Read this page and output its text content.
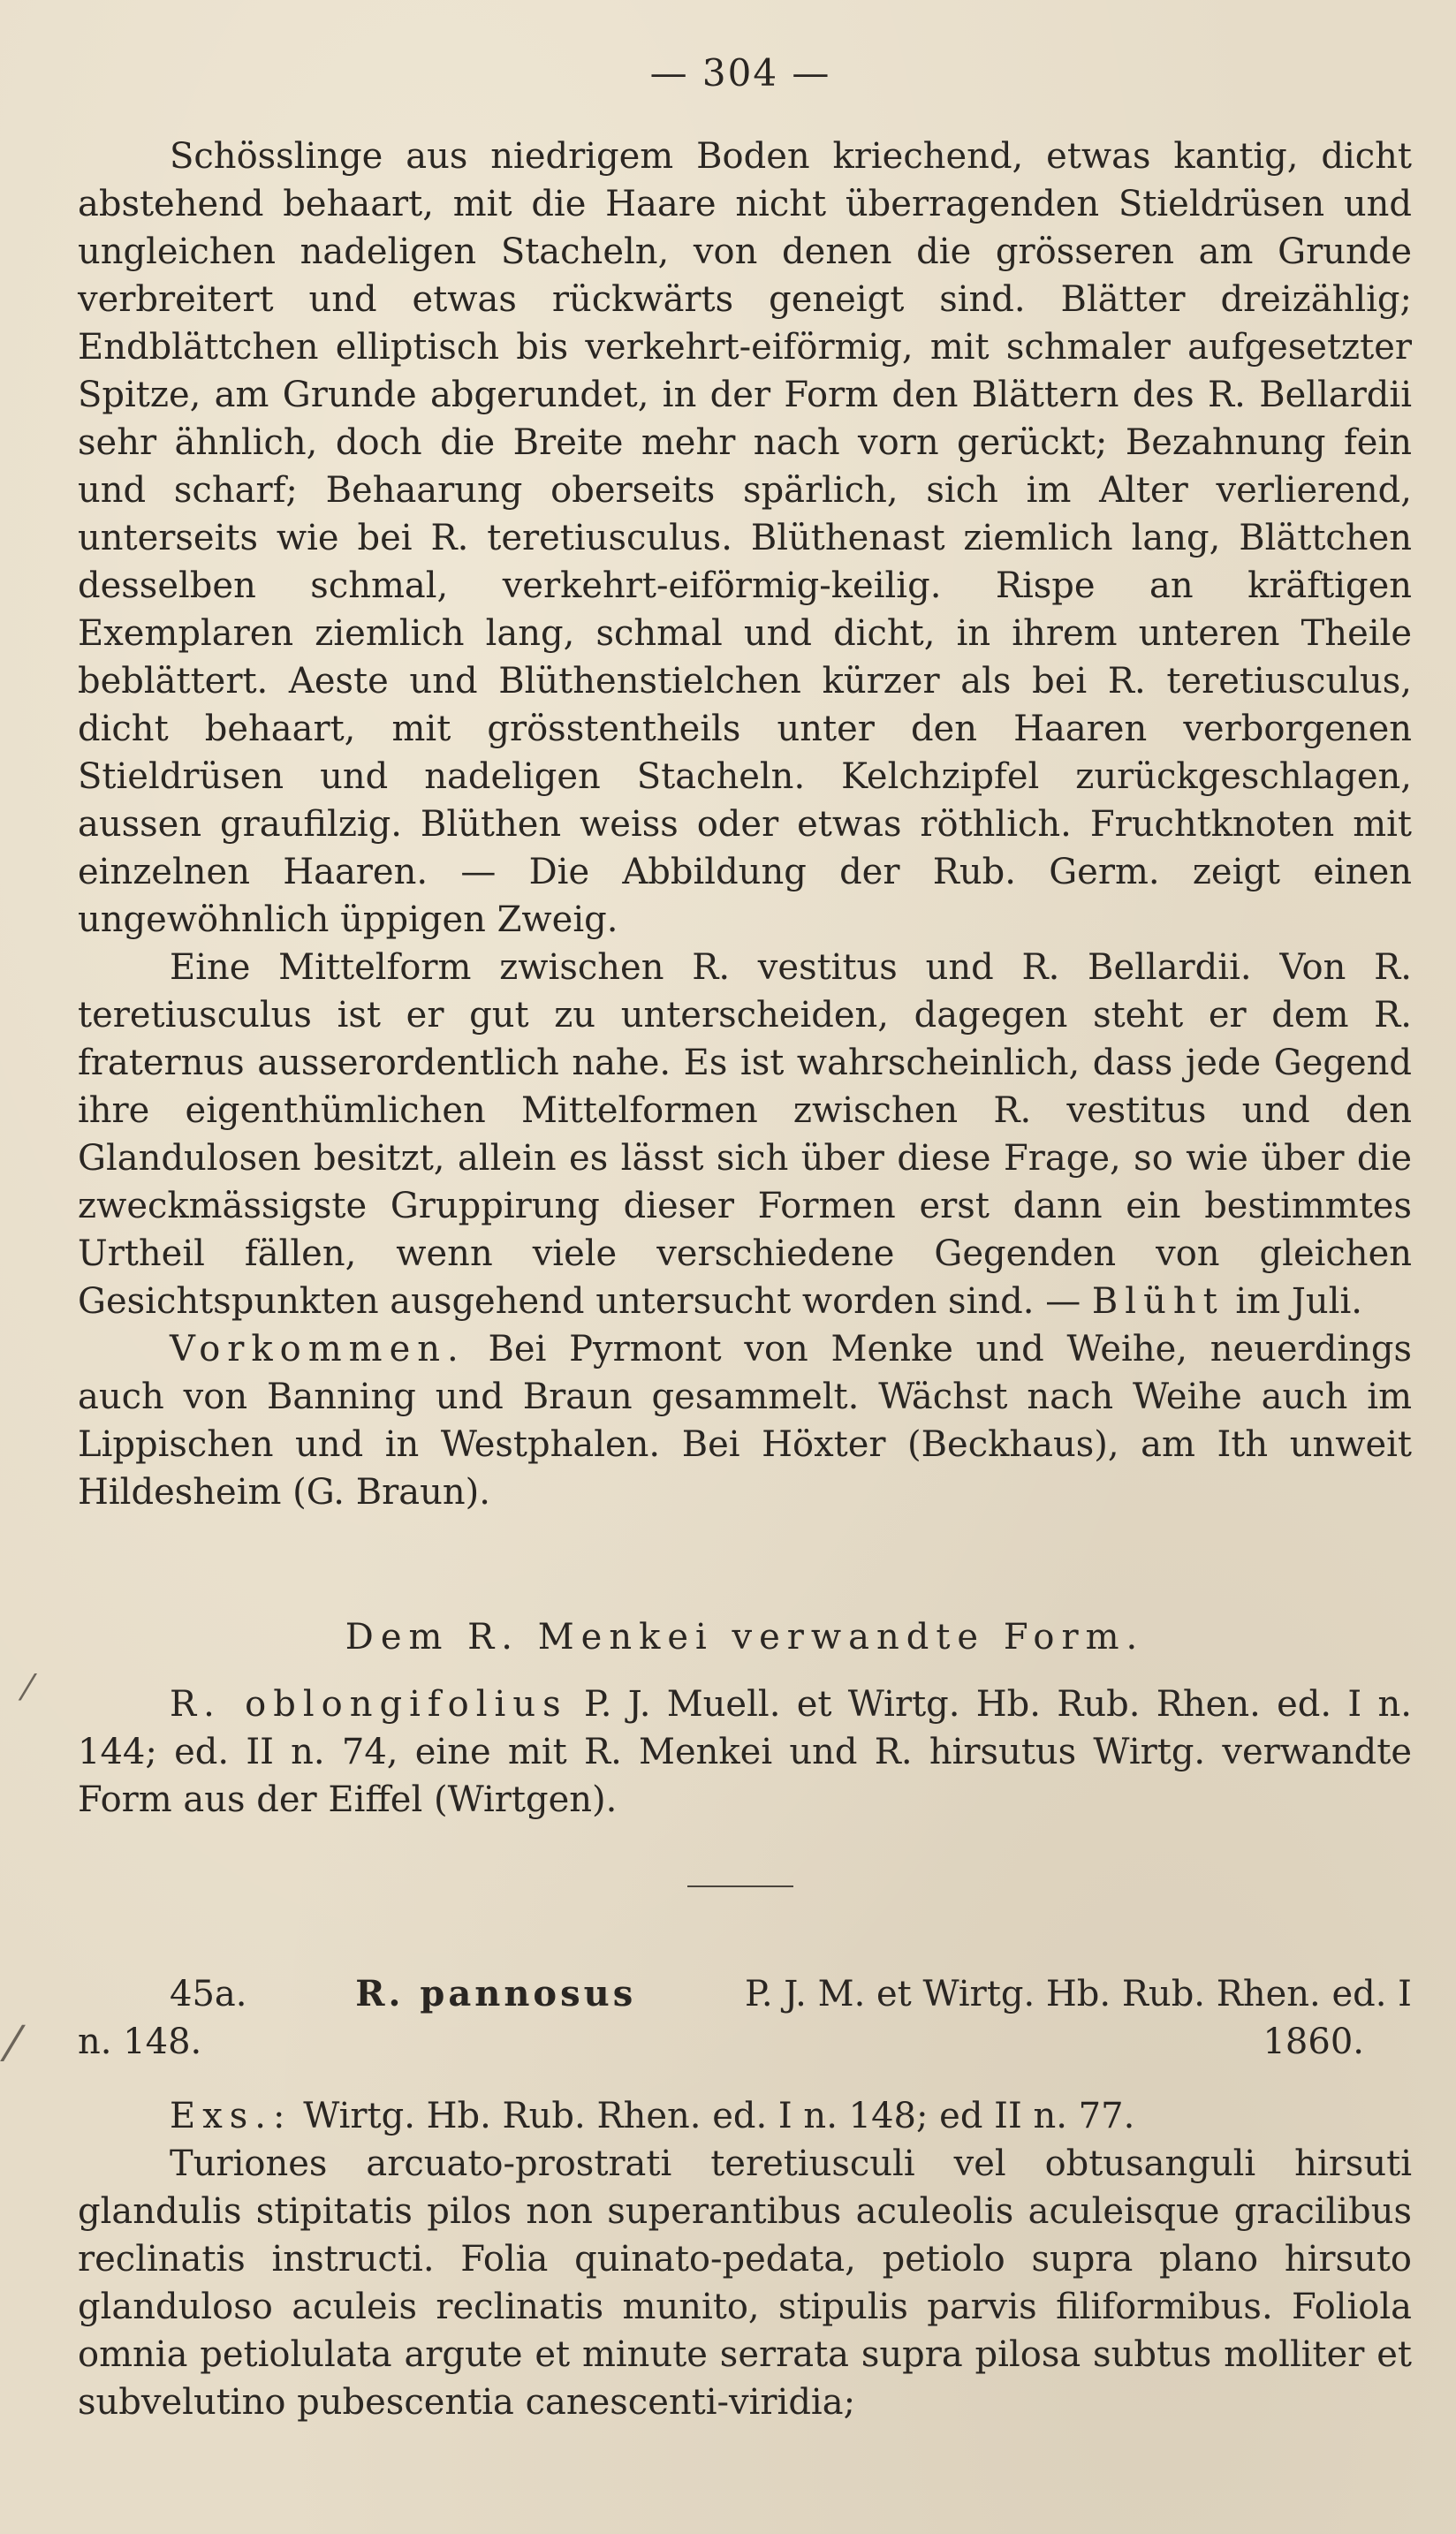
— 304 —

Schösslinge aus niedrigem Boden kriechend, etwas kantig, dicht abstehend behaart, mit die Haare nicht überragenden Stieldrüsen und ungleichen nadeligen Stacheln, von denen die grösseren am Grunde verbreitert und etwas rückwärts geneigt sind. Blätter dreizählig; Endblättchen elliptisch bis verkehrt-eiförmig, mit schmaler aufgesetzter Spitze, am Grunde abgerundet, in der Form den Blättern des R. Bellardii sehr ähnlich, doch die Breite mehr nach vorn gerückt; Bezahnung fein und scharf; Behaarung oberseits spärlich, sich im Alter verlierend, unterseits wie bei R. teretiusculus. Blüthenast ziemlich lang, Blättchen desselben schmal, verkehrt-eiförmig-keilig. Rispe an kräftigen Exemplaren ziemlich lang, schmal und dicht, in ihrem unteren Theile beblättert. Aeste und Blüthenstielchen kürzer als bei R. teretiusculus, dicht behaart, mit grösstentheils unter den Haaren verborgenen Stieldrüsen und nadeligen Stacheln. Kelchzipfel zurückgeschlagen, aussen graufilzig. Blüthen weiss oder etwas röthlich. Fruchtknoten mit einzelnen Haaren. — Die Abbildung der Rub. Germ. zeigt einen ungewöhnlich üppigen Zweig.

Eine Mittelform zwischen R. vestitus und R. Bellardii. Von R. teretiusculus ist er gut zu unterscheiden, dagegen steht er dem R. fraternus ausserordentlich nahe. Es ist wahrscheinlich, dass jede Gegend ihre eigenthümlichen Mittelformen zwischen R. vestitus und den Glandulosen besitzt, allein es lässt sich über diese Frage, so wie über die zweckmässigste Gruppirung dieser Formen erst dann ein bestimmtes Urtheil fällen, wenn viele verschiedene Gegenden von gleichen Gesichtspunkten ausgehend untersucht worden sind. — Blüht im Juli.

Vorkommen. Bei Pyrmont von Menke und Weihe, neuerdings auch von Banning und Braun gesammelt. Wächst nach Weihe auch im Lippischen und in Westphalen. Bei Höxter (Beckhaus), am Ith unweit Hildesheim (G. Braun).

Dem R. Menkei verwandte Form.

R. oblongifolius P. J. Muell. et Wirtg. Hb. Rub. Rhen. ed. I n. 144; ed. II n. 74, eine mit R. Menkei und R. hirsutus Wirtg. verwandte Form aus der Eiffel (Wirtgen).

45a.	R. pannosus	P. J. M. et Wirtg. Hb. Rub. Rhen. ed. I
n. 148.	1860.

Exs.: Wirtg. Hb. Rub. Rhen. ed. I n. 148; ed II n. 77.

Turiones arcuato-prostrati teretiusculi vel obtusanguli hirsuti glandulis stipitatis pilos non superantibus aculeolis aculeisque gracilibus reclinatis instructi. Folia quinato-pedata, petiolo supra plano hirsuto glanduloso aculeis reclinatis munito, stipulis parvis filiformibus. Foliola omnia petiolulata argute et minute serrata supra pilosa subtus molliter et subvelutino pubescentia canescenti-viridia;

⁄
⁄
